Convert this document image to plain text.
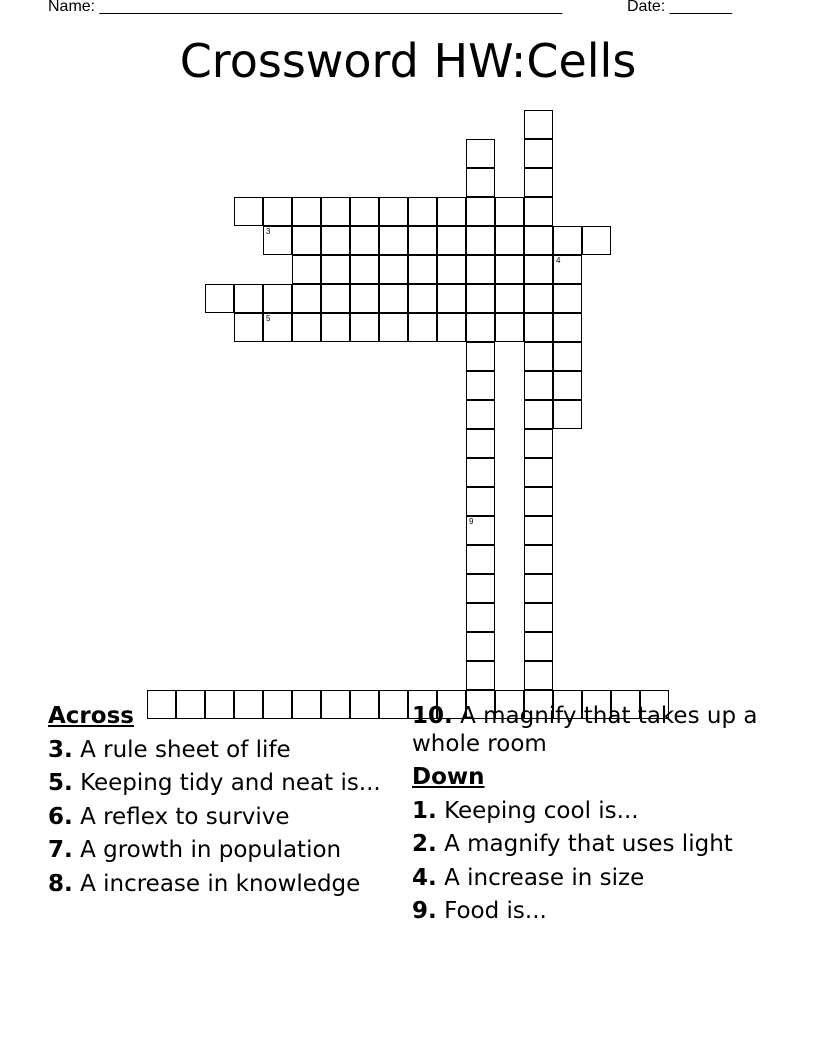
Name: ____________________________________________________	Date: _______
Crossword HW:Cells
9
3
5
4
Across
3. A rule sheet of life
5. Keeping tidy and neat is...
6. A reflex to survive
7. A growth in population
8. A increase in knowledge
10. A magnify that takes up a whole room
Down
1. Keeping cool is...
2. A magnify that uses light
4. A increase in size
9. Food is...
